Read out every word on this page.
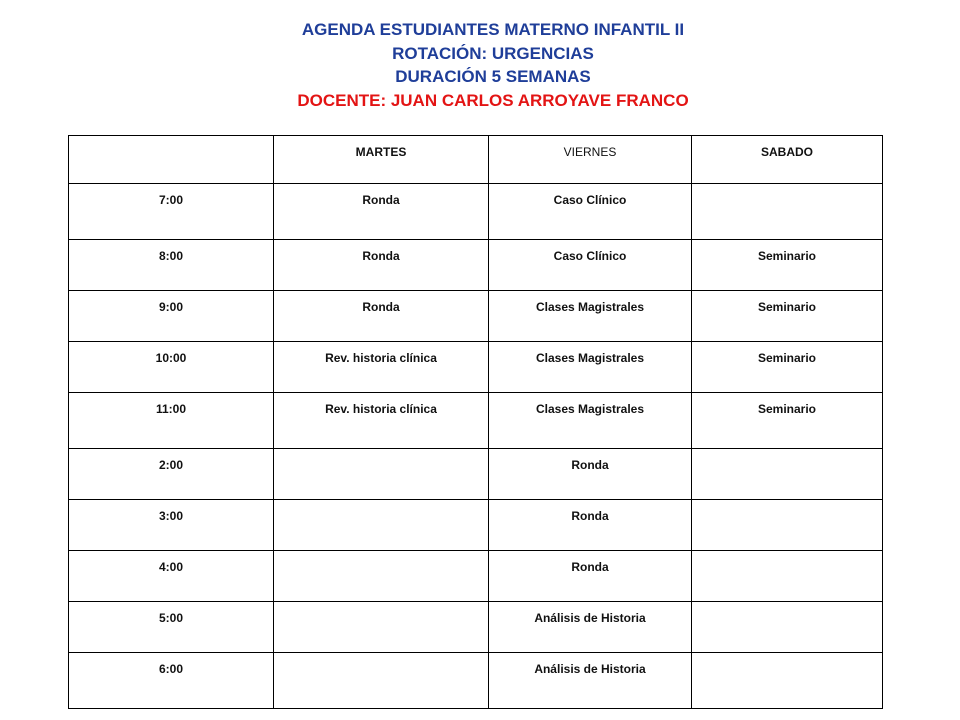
AGENDA ESTUDIANTES MATERNO INFANTIL II
ROTACIÓN: URGENCIAS
DURACIÓN 5 SEMANAS
DOCENTE: JUAN CARLOS ARROYAVE FRANCO
	MARTES	VIERNES	SABADO
7:00	Ronda	Caso Clínico	
8:00	Ronda	Caso Clínico	Seminario
9:00	Ronda	Clases Magistrales	Seminario
10:00	Rev. historia clínica	Clases Magistrales	Seminario
11:00	Rev. historia clínica	Clases Magistrales	Seminario
2:00		Ronda	
3:00		Ronda	
4:00		Ronda	
5:00		Análisis de Historia	
6:00		Análisis de Historia	
